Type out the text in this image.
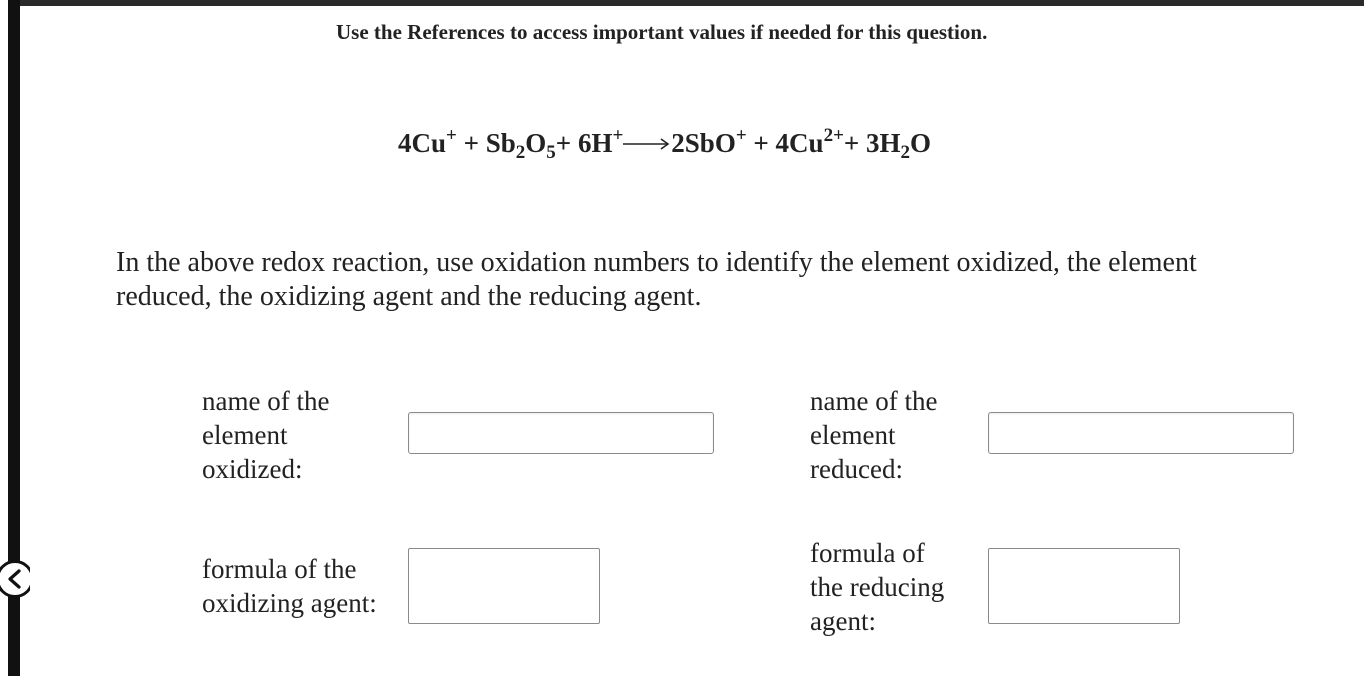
Use the References to access important values if needed for this question.
$4Cu^+ + Sb_2O_5+ 6H^+\to 2SbO^+ + 4Cu^{2+}+ 3H_2O$
In the above redox reaction, use oxidation numbers to identify the element oxidized, the element reduced, the oxidizing agent and the reducing agent.
name of the
element
oxidized:
name of the
element
reduced:
formula of the
oxidizing agent:
formula of
the reducing
agent:
